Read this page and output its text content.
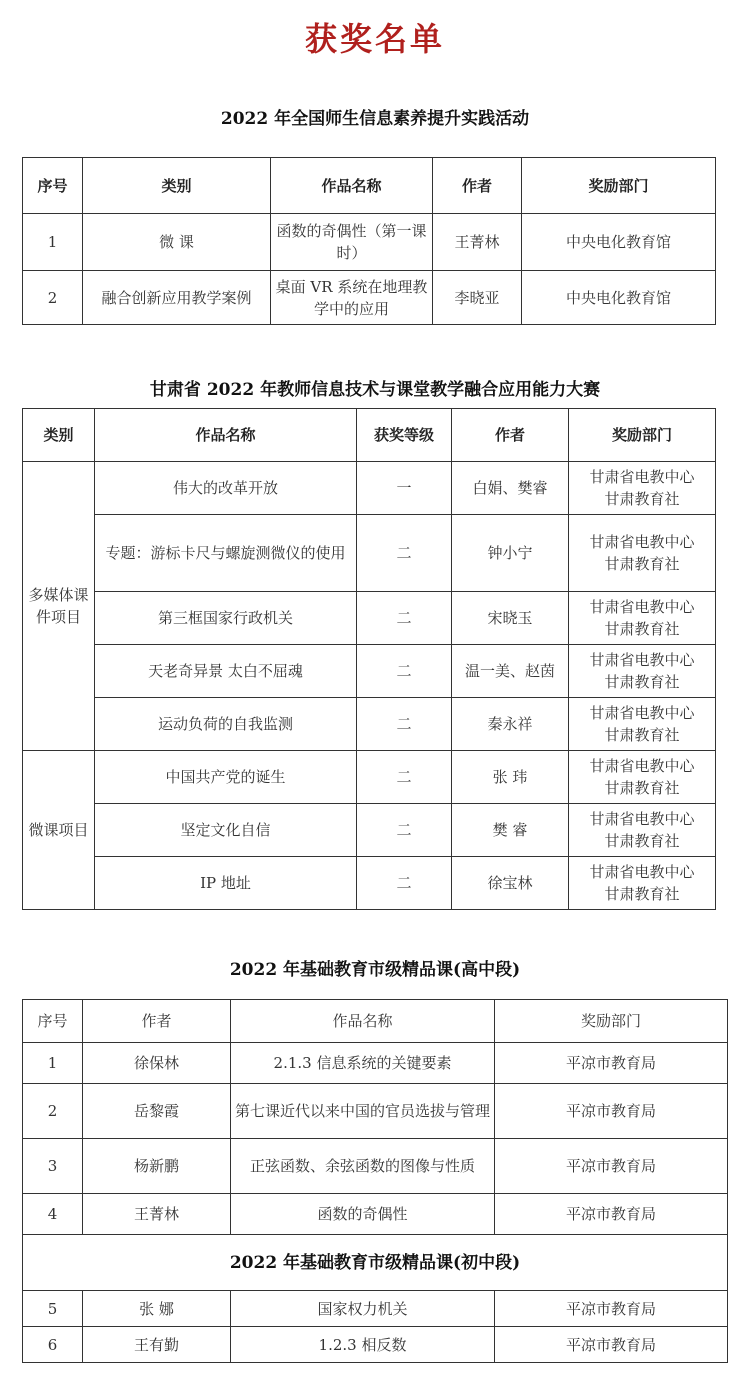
获奖名单
2022 年全国师生信息素养提升实践活动
序号	类别	作品名称	作者	奖励部门
1	微 课	函数的奇偶性（第一课时）	王菁林	中央电化教育馆
2	融合创新应用教学案例	桌面 VR 系统在地理教学中的应用	李晓亚	中央电化教育馆
甘肃省 2022 年教师信息技术与课堂教学融合应用能力大赛
类别	作品名称	获奖等级	作者	奖励部门
多媒体课件项目	伟大的改革开放	一	白娟、樊睿	甘肃省电教中心
甘肃教育社
	专题：游标卡尺与螺旋测微仪的使用	二	钟小宁	甘肃省电教中心
甘肃教育社
	第三框国家行政机关	二	宋晓玉	甘肃省电教中心
甘肃教育社
	天老奇异景 太白不屈魂	二	温一美、赵茵	甘肃省电教中心
甘肃教育社
	运动负荷的自我监测	二	秦永祥	甘肃省电教中心
甘肃教育社
微课项目	中国共产党的诞生	二	张 玮	甘肃省电教中心
甘肃教育社
	坚定文化自信	二	樊 睿	甘肃省电教中心
甘肃教育社
	IP 地址	二	徐宝林	甘肃省电教中心
甘肃教育社
2022 年基础教育市级精品课(高中段)
序号	作者	作品名称	奖励部门
1	徐保林	2.1.3 信息系统的关键要素	平凉市教育局
2	岳黎霞	第七课近代以来中国的官员选拔与管理	平凉市教育局
3	杨新鹏	正弦函数、余弦函数的图像与性质	平凉市教育局
4	王菁林	函数的奇偶性	平凉市教育局
2022 年基础教育市级精品课(初中段)			
5	张 娜	国家权力机关	平凉市教育局
6	王有勤	1.2.3 相反数	平凉市教育局
